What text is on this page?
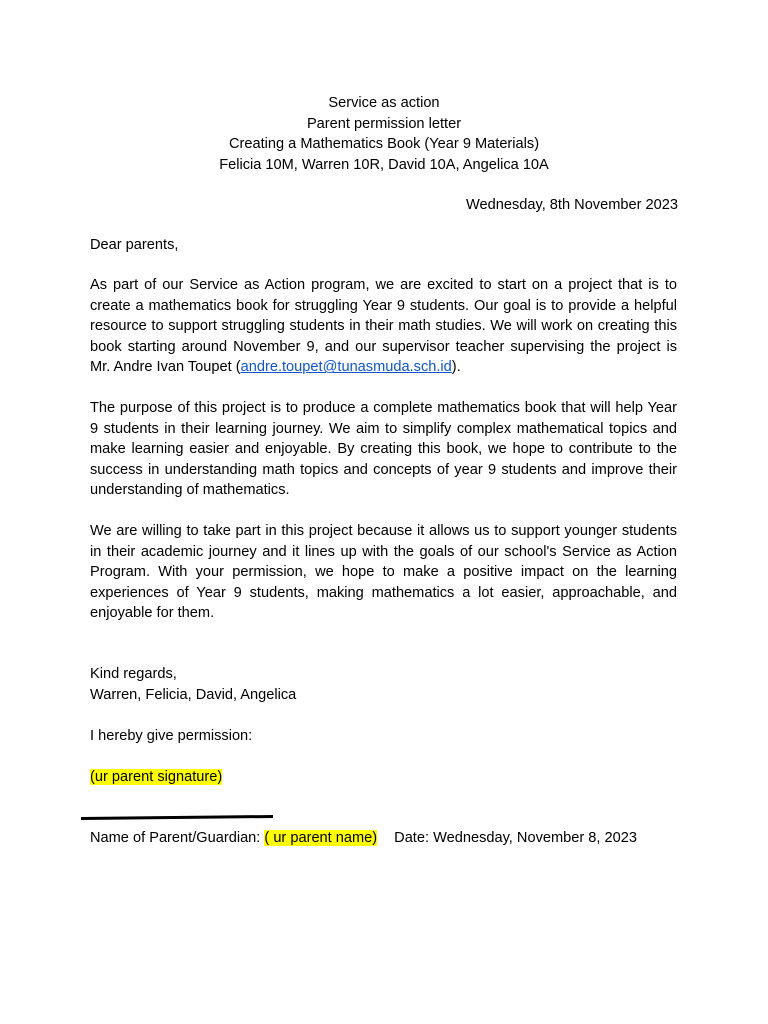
Service as action
Parent permission letter
Creating a Mathematics Book (Year 9 Materials)
Felicia 10M, Warren 10R, David 10A, Angelica 10A
Wednesday, 8th November 2023
Dear parents,

As part of our Service as Action program, we are excited to start on a project that is to create a mathematics book for struggling Year 9 students. Our goal is to provide a helpful resource to support struggling students in their math studies. We will work on creating this book starting around November 9, and our supervisor teacher supervising the project is Mr. Andre Ivan Toupet (andre.toupet@tunasmuda.sch.id).

The purpose of this project is to produce a complete mathematics book that will help Year 9 students in their learning journey. We aim to simplify complex mathematical topics and make learning easier and enjoyable. By creating this book, we hope to contribute to the success in understanding math topics and concepts of year 9 students and improve their understanding of mathematics.

We are willing to take part in this project because it allows us to support younger students in their academic journey and it lines up with the goals of our school's Service as Action Program. With your permission, we hope to make a positive impact on the learning experiences of Year 9 students, making mathematics a lot easier, approachable, and enjoyable for them.

Kind regards,
Warren, Felicia, David, Angelica
I hereby give permission:
(ur parent signature)
Name of Parent/Guardian: ( ur parent name) Date: Wednesday, November 8, 2023
